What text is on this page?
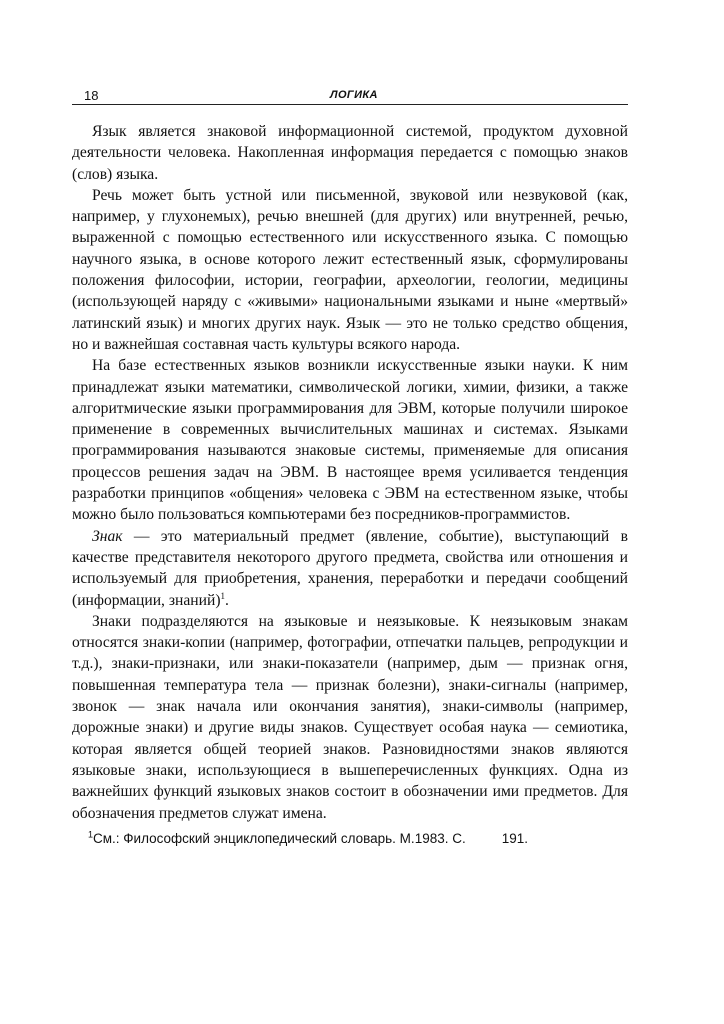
18	ЛОГИКА

Язык является знаковой информационной системой, продуктом духовной деятельности человека. Накопленная информация передается с помощью знаков (слов) языка.

Речь может быть устной или письменной, звуковой или незвуковой (как, например, у глухонемых), речью внешней (для других) или внутренней, речью, выраженной с помощью естественного или искусственного языка. С помощью научного языка, в основе которого лежит естественный язык, сформулированы положения философии, истории, географии, археологии, геологии, медицины (использующей наряду с «живыми» национальными языками и ныне «мертвый» латинский язык) и многих других наук. Язык — это не только средство общения, но и важнейшая составная часть культуры всякого народа.

На базе естественных языков возникли искусственные языки науки. К ним принадлежат языки математики, символической логики, химии, физики, а также алгоритмические языки программирования для ЭВМ, которые получили широкое применение в современных вычислительных машинах и системах. Языками программирования называются знаковые системы, применяемые для описания процессов решения задач на ЭВМ. В настоящее время усиливается тенденция разработки принципов «общения» человека с ЭВМ на естественном языке, чтобы можно было пользоваться компьютерами без посредников-программистов.

Знак — это материальный предмет (явление, событие), выступающий в качестве представителя некоторого другого предмета, свойства или отношения и используемый для приобретения, хранения, переработки и передачи сообщений (информации, знаний)$^1$.

Знаки подразделяются на языковые и неязыковые. К неязыковым знакам относятся знаки-копии (например, фотографии, отпечатки пальцев, репродукции и т.д.), знаки-признаки, или знаки-показатели (например, дым — признак огня, повышенная температура тела — признак болезни), знаки-сигналы (например, звонок — знак начала или окончания занятия), знаки-символы (например, дорожные знаки) и другие виды знаков. Существует особая наука — семиотика, которая является общей теорией знаков. Разновидностями знаков являются языковые знаки, использующиеся в вышеперечисленных функциях. Одна из важнейших функций языковых знаков состоит в обозначении ими предметов. Для обозначения предметов служат имена.

$^1$См.: Философский энциклопедический словарь. М.1983. С.	191.
